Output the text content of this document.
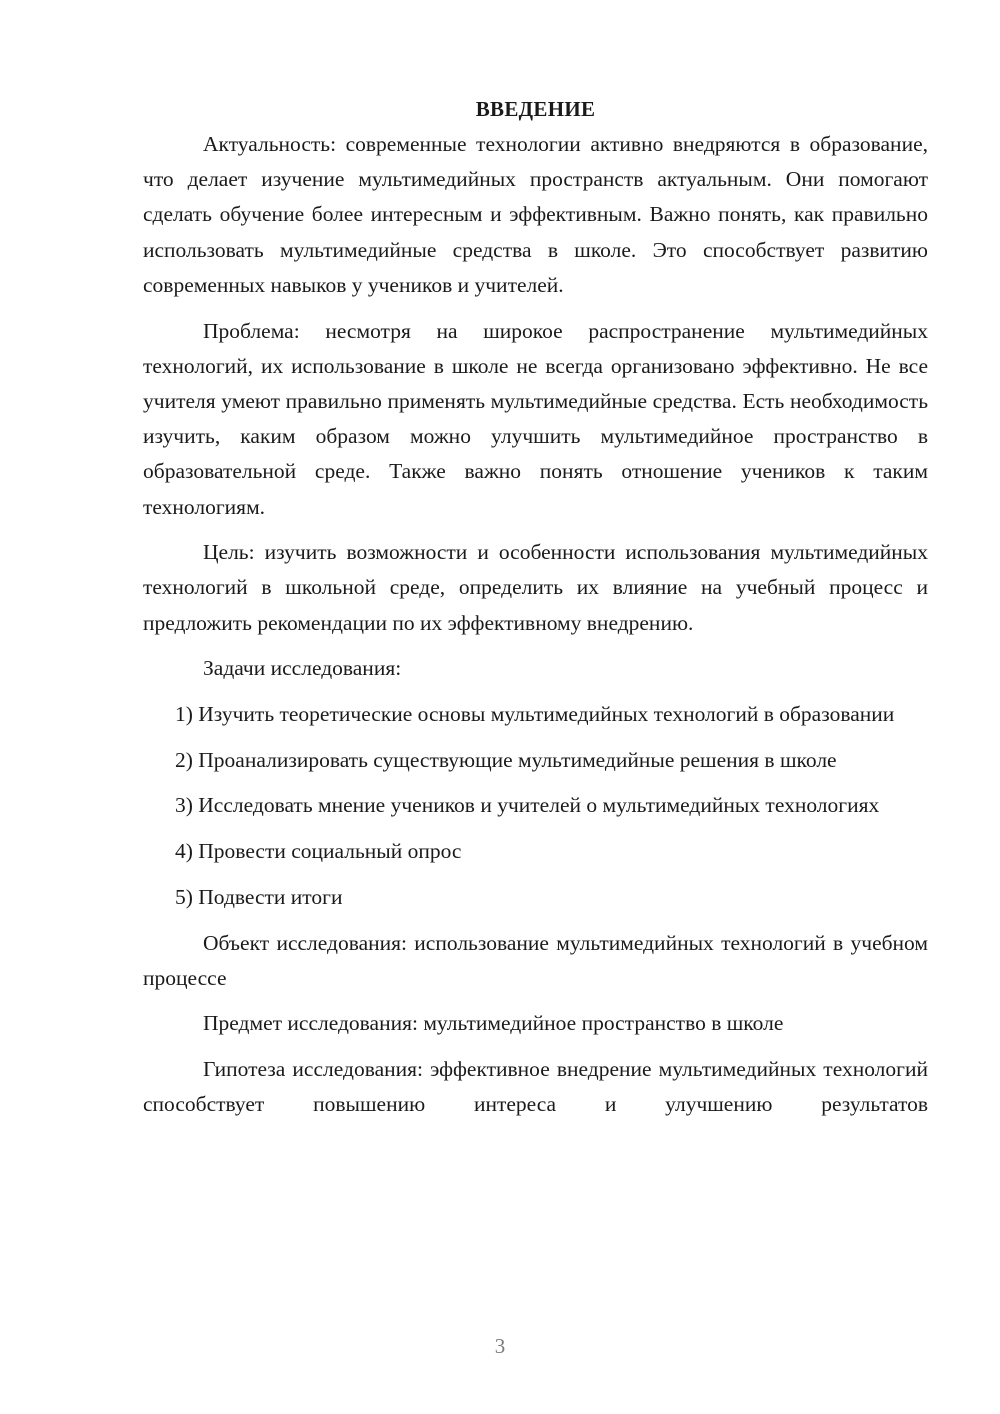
ВВЕДЕНИЕ

Актуальность: современные технологии активно внедряются в образование, что делает изучение мультимедийных пространств актуальным. Они помогают сделать обучение более интересным и эффективным. Важно понять, как правильно использовать мультимедийные средства в школе. Это способствует развитию современных навыков у учеников и учителей.

Проблема: несмотря на широкое распространение мультимедийных технологий, их использование в школе не всегда организовано эффективно. Не все учителя умеют правильно применять мультимедийные средства. Есть необходимость изучить, каким образом можно улучшить мультимедийное пространство в образовательной среде. Также важно понять отношение учеников к таким технологиям.

Цель: изучить возможности и особенности использования мультимедийных технологий в школьной среде, определить их влияние на учебный процесс и предложить рекомендации по их эффективному внедрению.

Задачи исследования:

1) Изучить теоретические основы мультимедийных технологий в образовании

2) Проанализировать существующие мультимедийные решения в школе

3) Исследовать мнение учеников и учителей о мультимедийных технологиях

4) Провести социальный опрос

5) Подвести итоги

Объект исследования: использование мультимедийных технологий в учебном процессе

Предмет исследования: мультимедийное пространство в школе

Гипотеза исследования: эффективное внедрение мультимедийных технологий способствует повышению интереса и улучшению результатов

3
